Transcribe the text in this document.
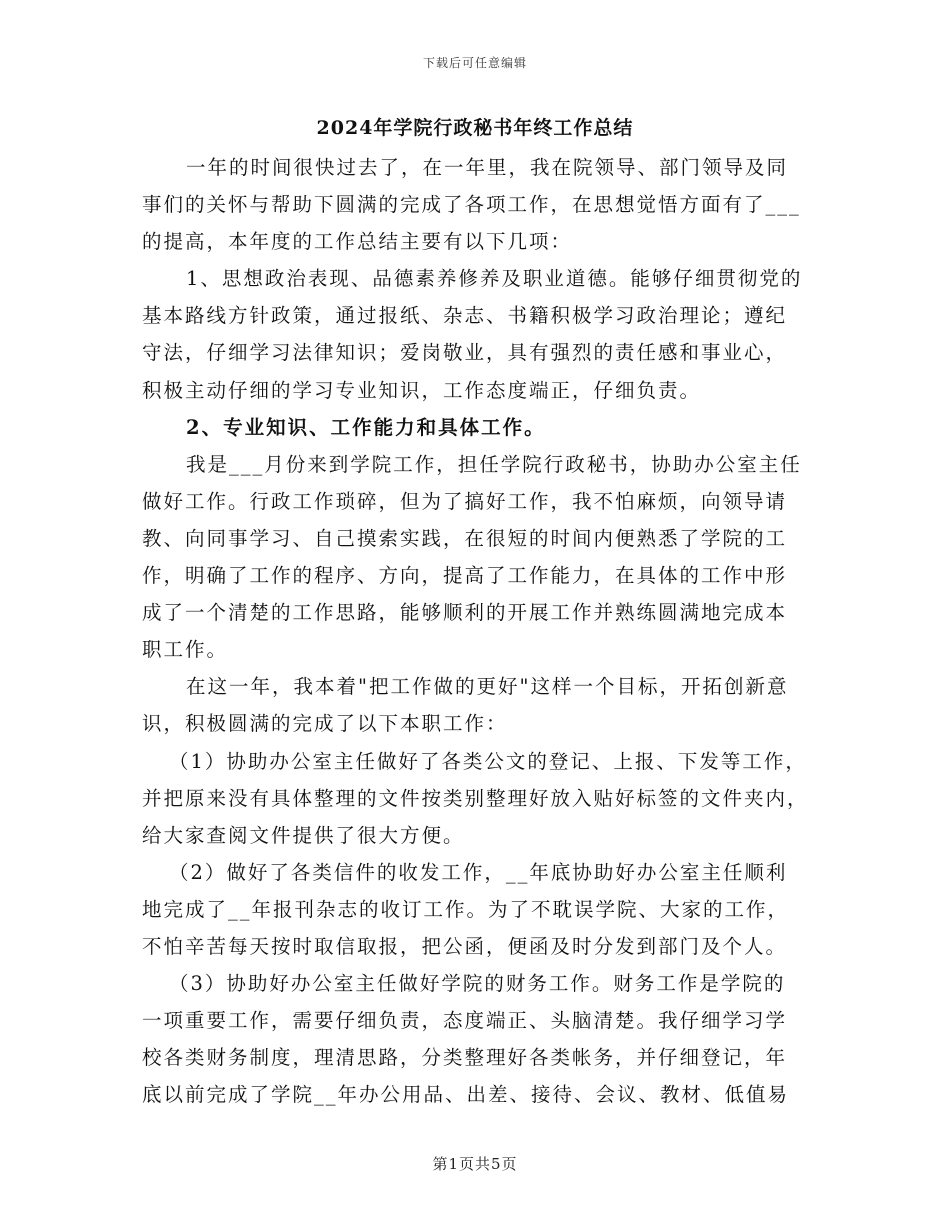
下载后可任意编辑
2024年学院行政秘书年终工作总结
一年的时间很快过去了，在一年里，我在院领导、部门领导及同
事们的关怀与帮助下圆满的完成了各项工作，在思想觉悟方面有了___
的提高，本年度的工作总结主要有以下几项：
1、思想政治表现、品德素养修养及职业道德。能够仔细贯彻党的
基本路线方针政策，通过报纸、杂志、书籍积极学习政治理论；遵纪
守法，仔细学习法律知识；爱岗敬业，具有强烈的责任感和事业心，
积极主动仔细的学习专业知识，工作态度端正，仔细负责。
2、专业知识、工作能力和具体工作。
我是___月份来到学院工作，担任学院行政秘书，协助办公室主任
做好工作。行政工作琐碎，但为了搞好工作，我不怕麻烦，向领导请
教、向同事学习、自己摸索实践，在很短的时间内便熟悉了学院的工
作，明确了工作的程序、方向，提高了工作能力，在具体的工作中形
成了一个清楚的工作思路，能够顺利的开展工作并熟练圆满地完成本
职工作。
在这一年，我本着"把工作做的更好"这样一个目标，开拓创新意
识，积极圆满的完成了以下本职工作：
（1）协助办公室主任做好了各类公文的登记、上报、下发等工作，
并把原来没有具体整理的文件按类别整理好放入贴好标签的文件夹内，
给大家查阅文件提供了很大方便。
（2）做好了各类信件的收发工作，__年底协助好办公室主任顺利
地完成了__年报刊杂志的收订工作。为了不耽误学院、大家的工作，
不怕辛苦每天按时取信取报，把公函，便函及时分发到部门及个人。
（3）协助好办公室主任做好学院的财务工作。财务工作是学院的
一项重要工作，需要仔细负责，态度端正、头脑清楚。我仔细学习学
校各类财务制度，理清思路，分类整理好各类帐务，并仔细登记，年
底以前完成了学院__年办公用品、出差、接待、会议、教材、低值易
第1页共5页
